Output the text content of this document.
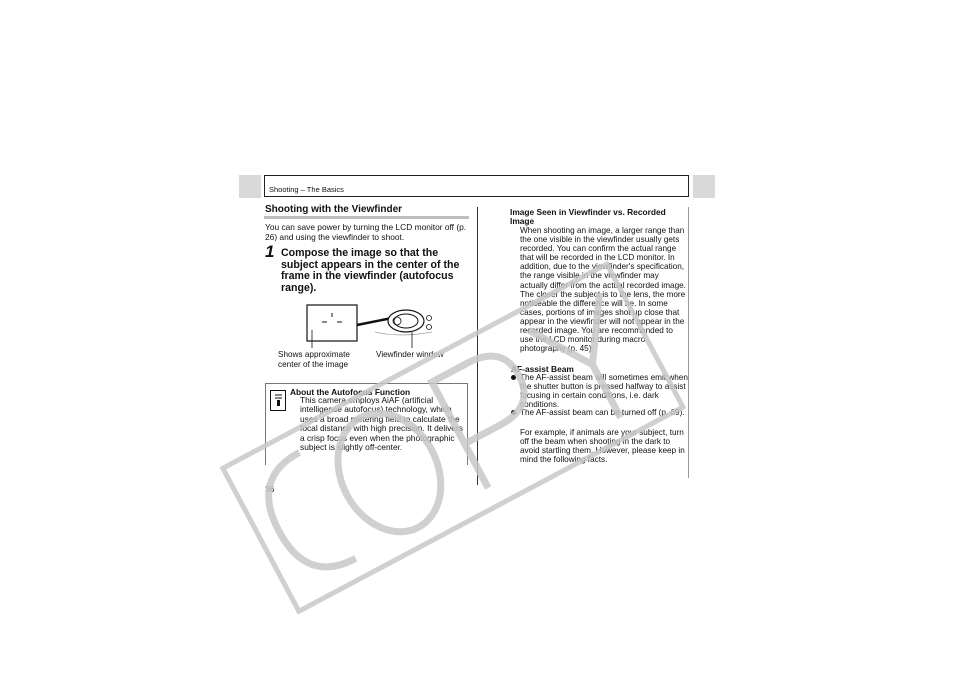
Shooting – The Basics
Shooting with the Viewfinder
You can save power by turning the LCD monitor off (p. 26) and using the viewfinder to shoot.
1 Compose the image so that the subject appears in the center of the frame in the viewfinder (autofocus range).
Shows approximate center of the image
Viewfinder window
About the Autofocus Function
This camera employs AiAF (artificial intelligence autofocus) technology, which uses a broad metering field to calculate the focal distance with high precision. It delivers a crisp focus even when the photographic subject is slightly off-center.
36
Image Seen in Viewfinder vs. Recorded Image
When shooting an image, a larger range than the one visible in the viewfinder usually gets recorded. You can confirm the actual range that will be recorded in the LCD monitor. In addition, due to the viewfinder's specification, the range visible in the viewfinder may actually differ from the actual recorded image. The closer the subject is to the lens, the more noticeable the difference will be. In some cases, portions of images shot up close that appear in the viewfinder will not appear in the recorded image. You are recommended to use the LCD monitor during macro photography (p. 45).
AF-assist Beam
The AF-assist beam will sometimes emit when the shutter button is pressed halfway to assist focusing in certain conditions, i.e. dark conditions.
The AF-assist beam can be turned off (p. 69).
For example, if animals are your subject, turn off the beam when shooting in the dark to avoid startling them. However, please keep in mind the following facts.
